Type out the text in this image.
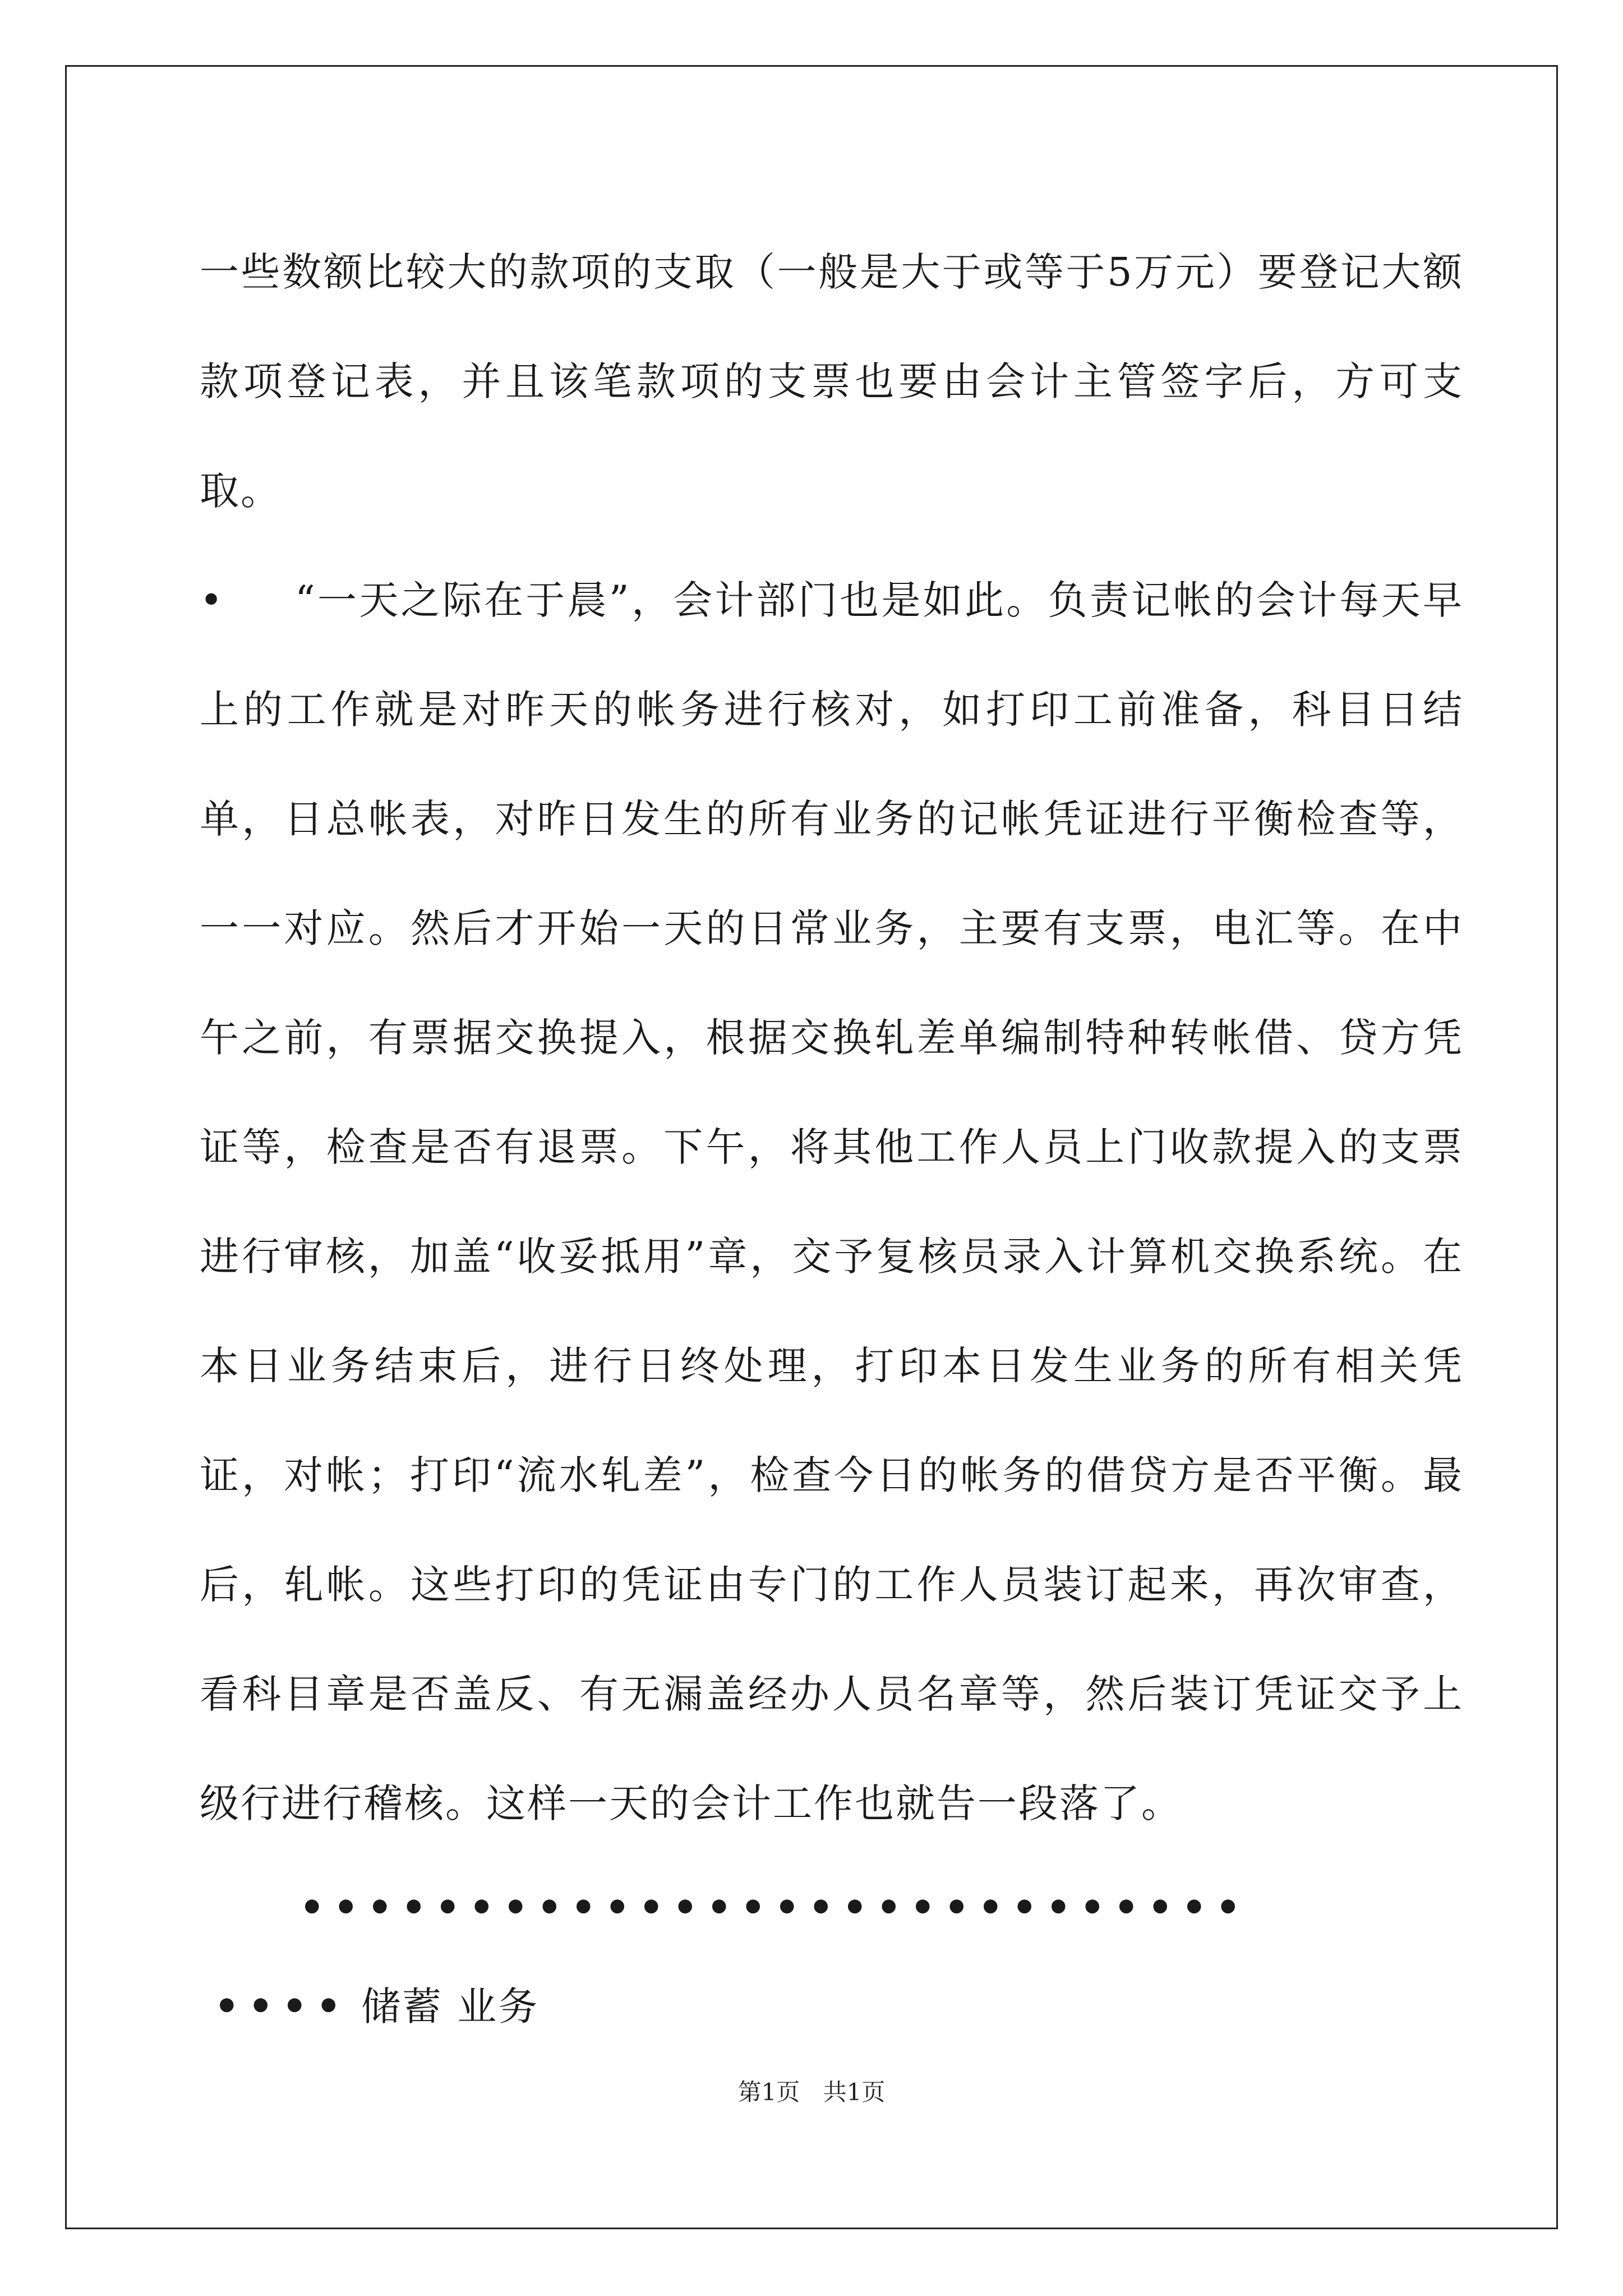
一些数额比较大的款项的支取（一般是大于或等于5万元）要登记大额款项登记表，并且该笔款项的支票也要由会计主管签字后，方可支取。

• “一天之际在于晨”，会计部门也是如此。负责记帐的会计每天早上的工作就是对昨天的帐务进行核对，如打印工前准备，科目日结单，日总帐表，对昨日发生的所有业务的记帐凭证进行平衡检查等，一一对应。然后才开始一天的日常业务，主要有支票，电汇等。在中午之前，有票据交换提入，根据交换轧差单编制特种转帐借、贷方凭证等，检查是否有退票。下午，将其他工作人员上门收款提入的支票进行审核，加盖“收妥抵用”章，交予复核员录入计算机交换系统。在本日业务结束后，进行日终处理，打印本日发生业务的所有相关凭证，对帐；打印“流水轧差”，检查今日的帐务的借贷方是否平衡。最后，轧帐。这些打印的凭证由专门的工作人员装订起来，再次审查，看科目章是否盖反、有无漏盖经办人员名章等，然后装订凭证交予上级行进行稽核。这样一天的会计工作也就告一段落了。

• • • • • • • • • • • • • • • • • • • • • • • • • • • •
• • • • 储蓄 业务
第1页 共1页
